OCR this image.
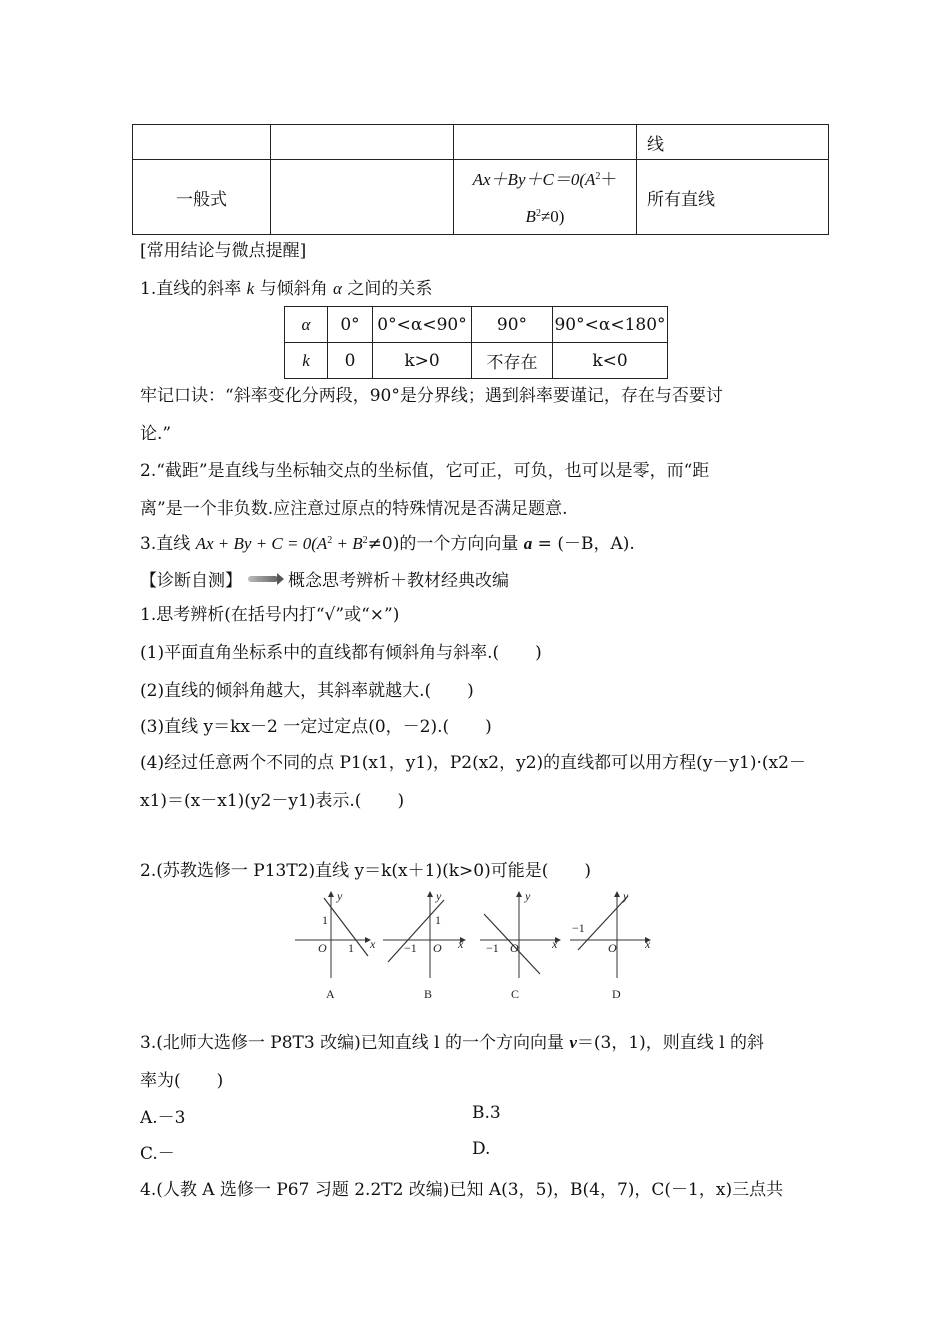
			线
一般式		$Ax+By+C=0(A^2+$
$B^2\ne 0$)	所有直线
[常用结论与微点提醒]
1.直线的斜率 k 与倾斜角 α 之间的关系
α	0°	0°<α<90°	90°	90°<α<180°
k	0	k>0	不存在	k<0
牢记口诀：“斜率变化分两段，90°是分界线；遇到斜率要谨记，存在与否要讨
论.”
2.“截距”是直线与坐标轴交点的坐标值，它可正，可负，也可以是零，而“距
离”是一个非负数.应注意过原点的特殊情况是否满足题意.
3.直线 $Ax + By + C = 0(A^2 + B^2\ne 0)$的一个方向向量 a = (－B，A).
【诊断自测】	概念思考辨析＋教材经典改编
1.思考辨析(在括号内打“√”或“×”)
(1)平面直角坐标系中的直线都有倾斜角与斜率.( )
(2)直线的倾斜角越大，其斜率就越大.( )
(3)直线 y＝kx－2 一定过定点(0，－2).( )
(4)经过任意两个不同的点 P1(x1，y1)，P2(x2，y2)的直线都可以用方程(y－y1)·(x2－
x1)＝(x－x1)(y2－y1)表示.( )
2.(苏教选修一 P13T2)直线 y＝k(x＋1)(k>0)可能是( )
y
x
O
1
1
A
y
x
O
1
−1
B
y
x
O
−1
C
y
x
O
−1
D
3.(北师大选修一 P8T3 改编)已知直线 l 的一个方向向量 v＝(3，1)，则直线 l 的斜
率为( )
A.－3	B.3
C.－	D.
4.(人教 A 选修一 P67 习题 2.2T2 改编)已知 A(3，5)，B(4，7)，C(－1，x)三点共
